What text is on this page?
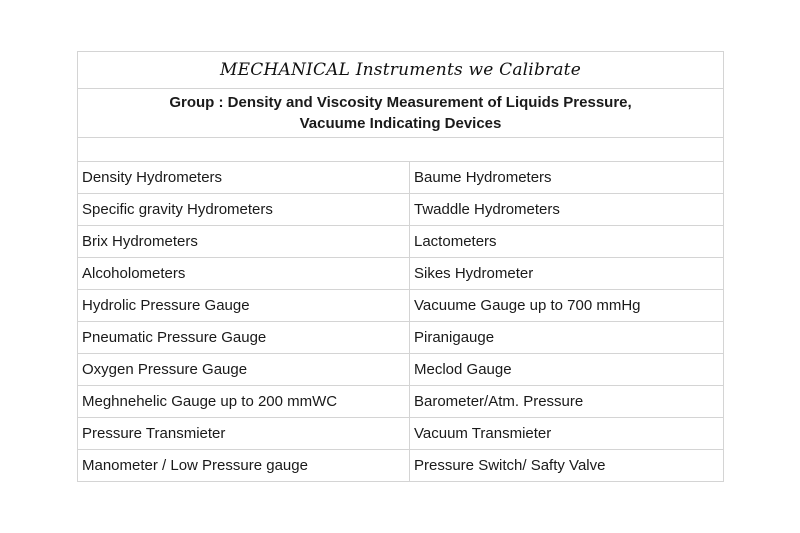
MECHANICAL Instruments we Calibrate	

Group : Density and Viscosity Measurement of Liquids Pressure,
Vacuume Indicating Devices	

Density Hydrometers	Baume Hydrometers
Specific gravity Hydrometers	Twaddle Hydrometers
Brix Hydrometers	Lactometers
Alcoholometers	Sikes Hydrometer
Hydrolic Pressure Gauge	Vacuume Gauge up to 700 mmHg
Pneumatic Pressure Gauge	Piranigauge
Oxygen Pressure Gauge	Meclod Gauge
Meghnehelic Gauge up to 200 mmWC	Barometer/Atm. Pressure
Pressure Transmieter	Vacuum Transmieter
Manometer / Low Pressure gauge	Pressure Switch/ Safty Valve
